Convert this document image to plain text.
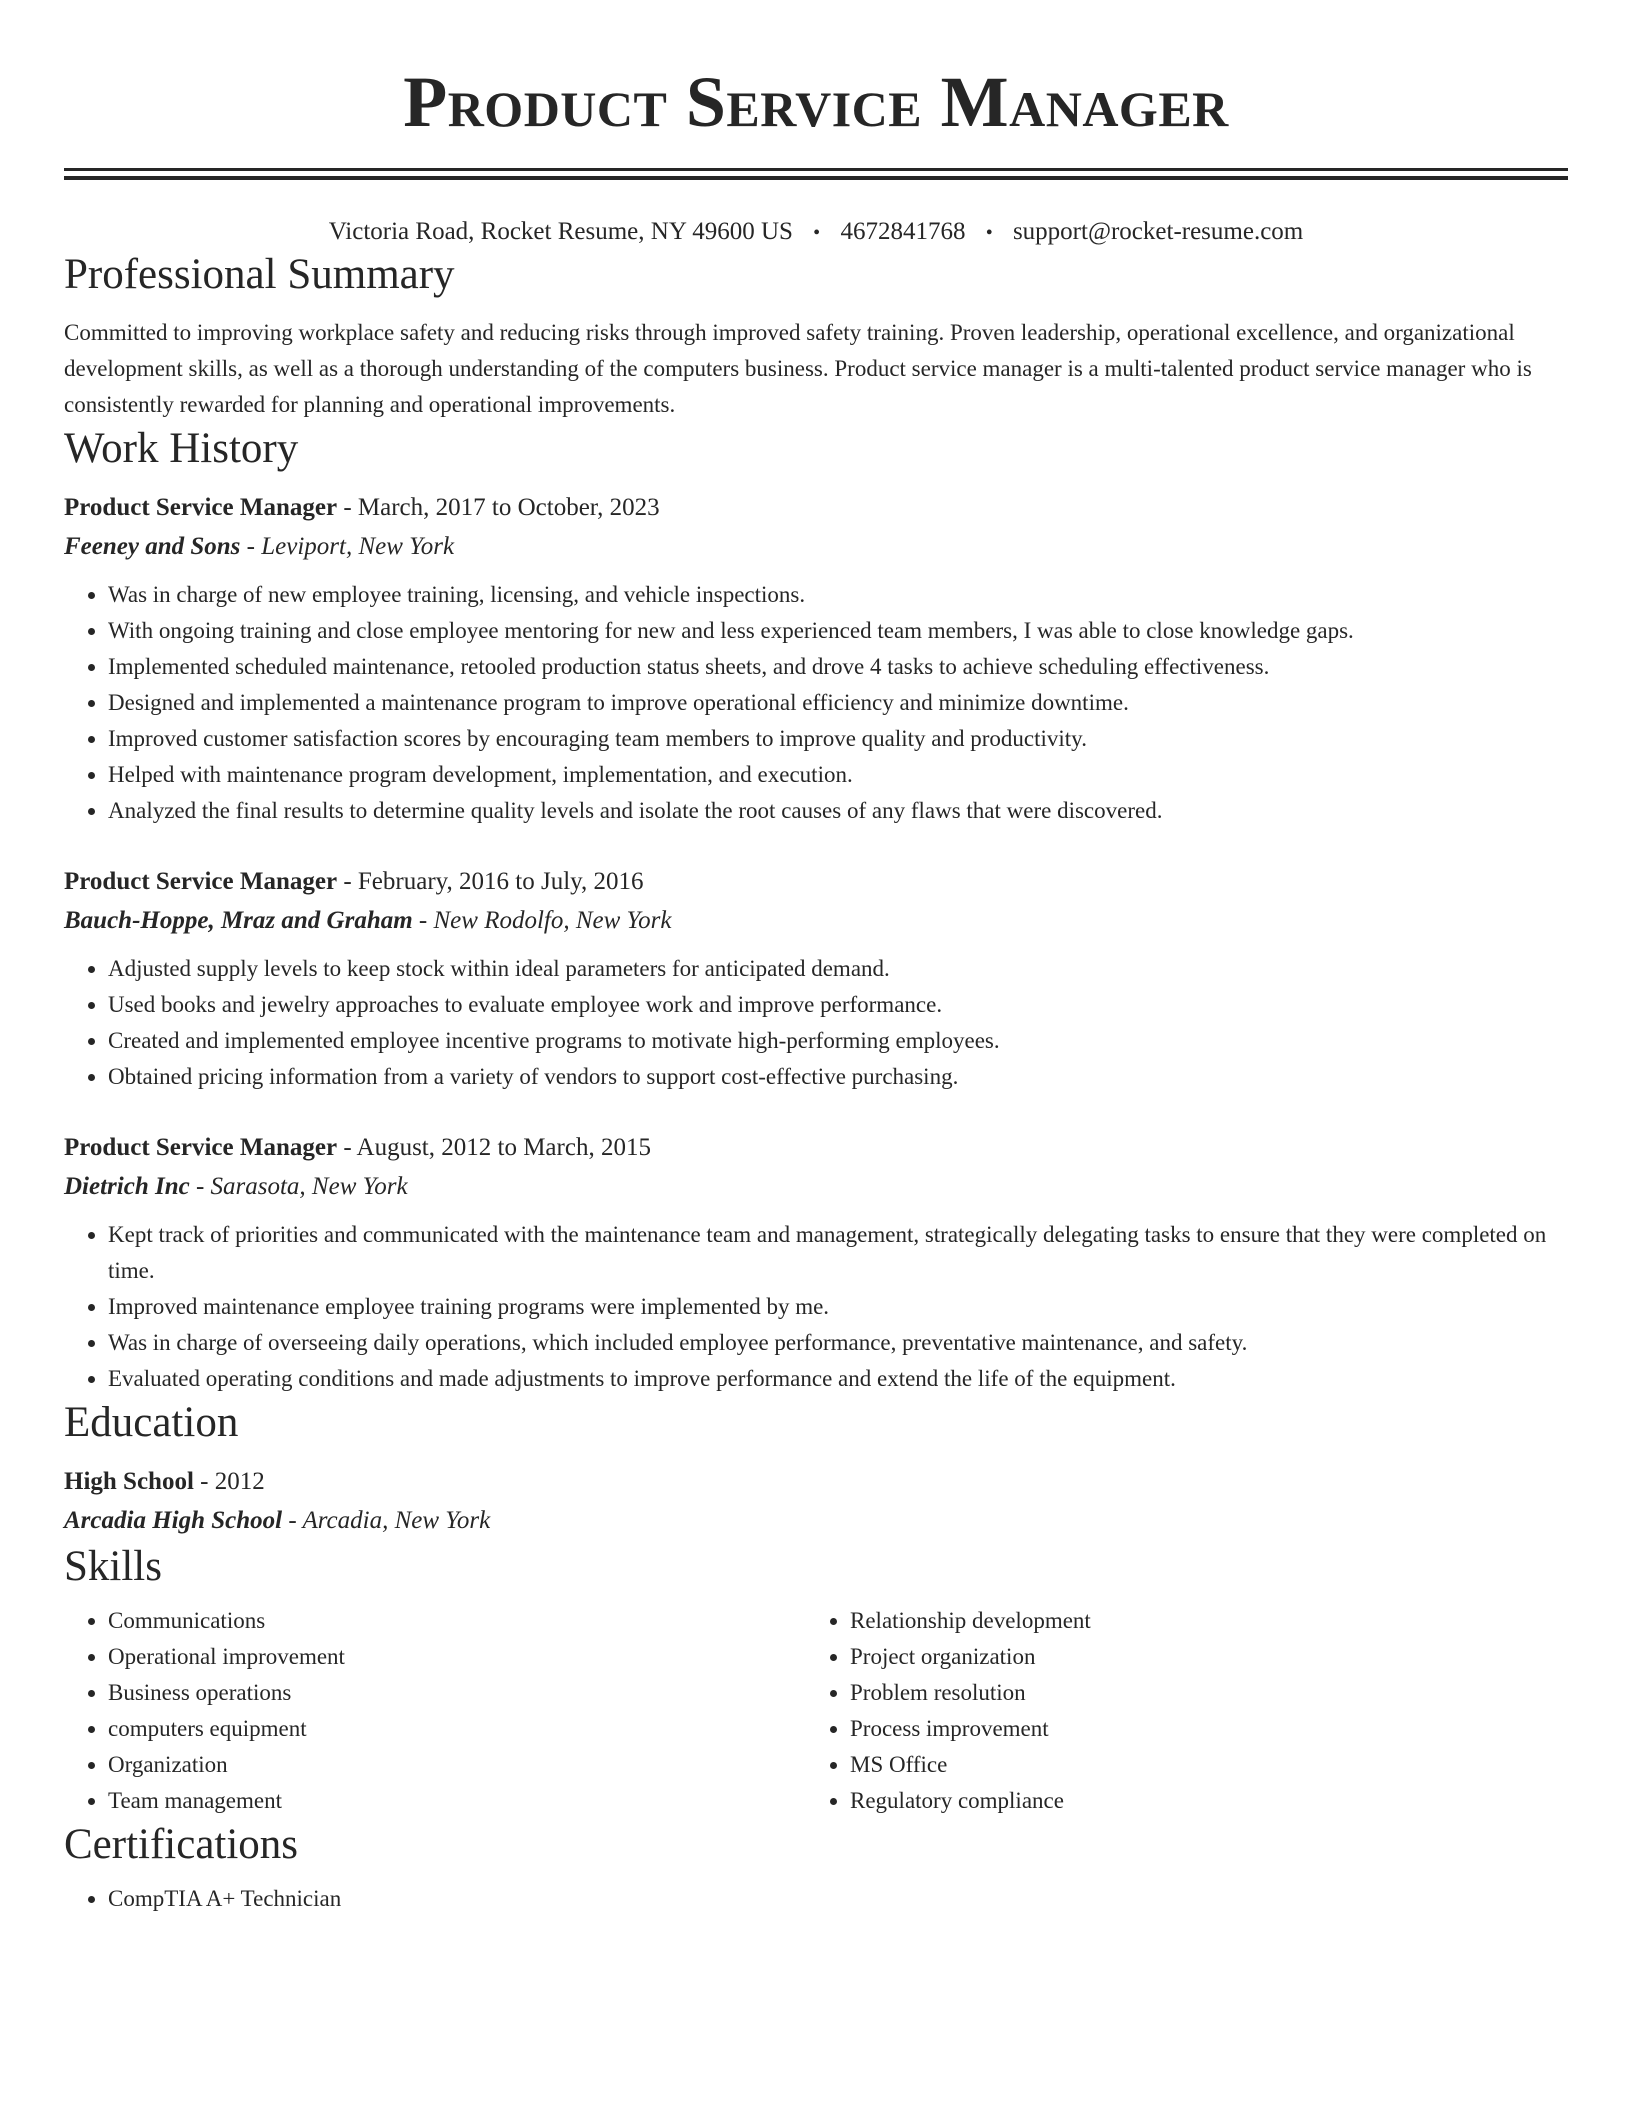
Product Service Manager
Victoria Road, Rocket Resume, NY 49600 US • 4672841768 • support@rocket-resume.com
Professional Summary
Committed to improving workplace safety and reducing risks through improved safety training. Proven leadership, operational excellence, and organizational development skills, as well as a thorough understanding of the computers business. Product service manager is a multi-talented product service manager who is consistently rewarded for planning and operational improvements.
Work History
Product Service Manager - March, 2017 to October, 2023
Feeney and Sons - Leviport, New York
• Was in charge of new employee training, licensing, and vehicle inspections.
• With ongoing training and close employee mentoring for new and less experienced team members, I was able to close knowledge gaps.
• Implemented scheduled maintenance, retooled production status sheets, and drove 4 tasks to achieve scheduling effectiveness.
• Designed and implemented a maintenance program to improve operational efficiency and minimize downtime.
• Improved customer satisfaction scores by encouraging team members to improve quality and productivity.
• Helped with maintenance program development, implementation, and execution.
• Analyzed the final results to determine quality levels and isolate the root causes of any flaws that were discovered.
Product Service Manager - February, 2016 to July, 2016
Bauch-Hoppe, Mraz and Graham - New Rodolfo, New York
• Adjusted supply levels to keep stock within ideal parameters for anticipated demand.
• Used books and jewelry approaches to evaluate employee work and improve performance.
• Created and implemented employee incentive programs to motivate high-performing employees.
• Obtained pricing information from a variety of vendors to support cost-effective purchasing.
Product Service Manager - August, 2012 to March, 2015
Dietrich Inc - Sarasota, New York
• Kept track of priorities and communicated with the maintenance team and management, strategically delegating tasks to ensure that they were completed on time.
• Improved maintenance employee training programs were implemented by me.
• Was in charge of overseeing daily operations, which included employee performance, preventative maintenance, and safety.
• Evaluated operating conditions and made adjustments to improve performance and extend the life of the equipment.
Education
High School - 2012
Arcadia High School - Arcadia, New York
Skills
• Communications
• Operational improvement
• Business operations
• computers equipment
• Organization
• Team management
• Relationship development
• Project organization
• Problem resolution
• Process improvement
• MS Office
• Regulatory compliance
Certifications
• CompTIA A+ Technician
